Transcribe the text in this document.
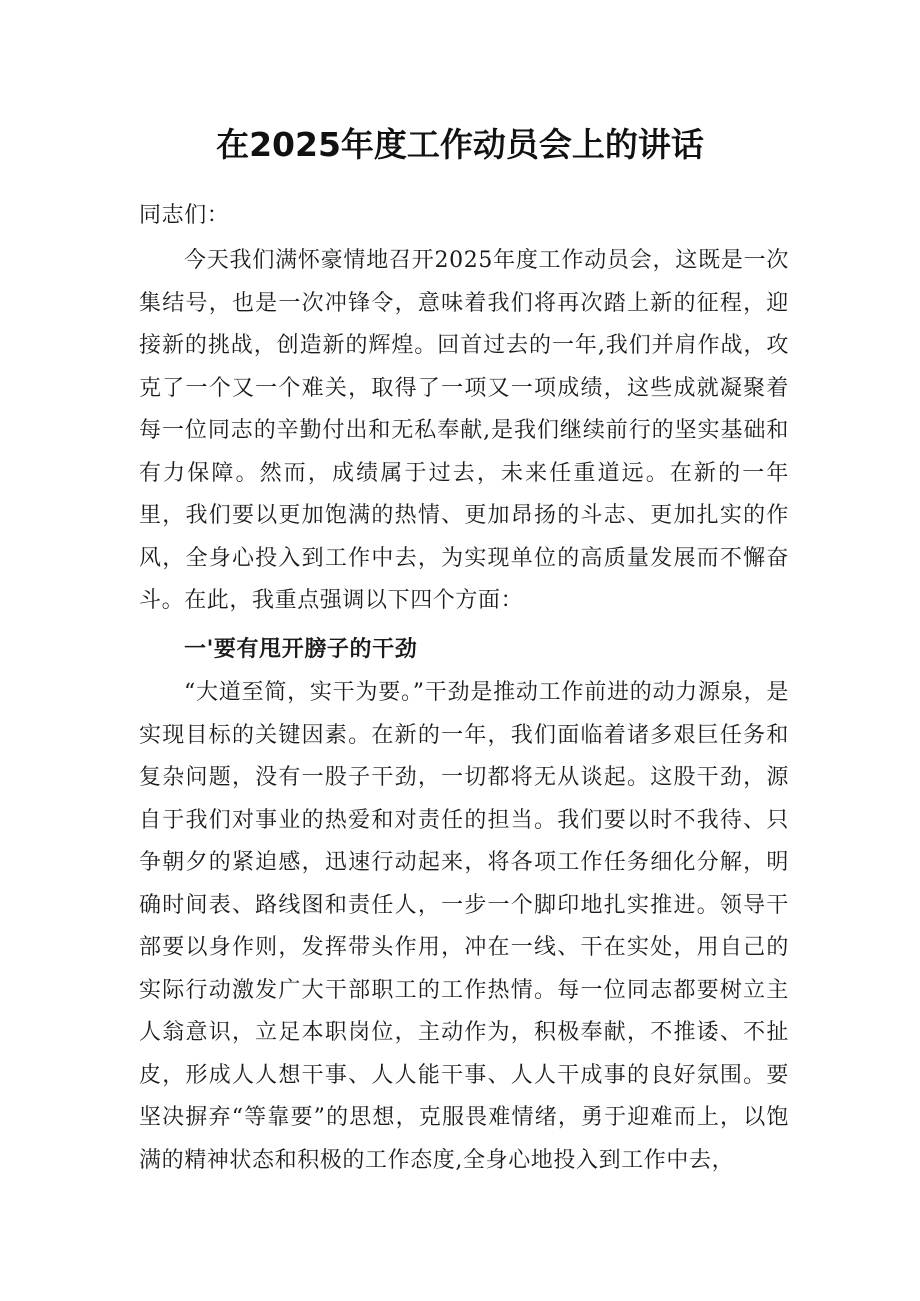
在2025年度工作动员会上的讲话
同志们：
今天我们满怀豪情地召开2025年度工作动员会，这既是一次集结号，也是一次冲锋令，意味着我们将再次踏上新的征程，迎接新的挑战，创造新的辉煌。回首过去的一年,我们并肩作战，攻克了一个又一个难关，取得了一项又一项成绩，这些成就凝聚着每一位同志的辛勤付出和无私奉献,是我们继续前行的坚实基础和有力保障。然而，成绩属于过去，未来任重道远。在新的一年里，我们要以更加饱满的热情、更加昂扬的斗志、更加扎实的作风，全身心投入到工作中去，为实现单位的高质量发展而不懈奋斗。在此，我重点强调以下四个方面：
一'要有甩开膀子的干劲
“大道至简，实干为要。”干劲是推动工作前进的动力源泉，是实现目标的关键因素。在新的一年，我们面临着诸多艰巨任务和复杂问题，没有一股子干劲，一切都将无从谈起。这股干劲，源自于我们对事业的热爱和对责任的担当。我们要以时不我待、只争朝夕的紧迫感，迅速行动起来，将各项工作任务细化分解，明确时间表、路线图和责任人，一步一个脚印地扎实推进。领导干部要以身作则，发挥带头作用，冲在一线、干在实处，用自己的实际行动激发广大干部职工的工作热情。每一位同志都要树立主人翁意识，立足本职岗位，主动作为，积极奉献，不推诿、不扯皮，形成人人想干事、人人能干事、人人干成事的良好氛围。要坚决摒弃“等靠要”的思想，克服畏难情绪，勇于迎难而上，以饱满的精神状态和积极的工作态度,全身心地投入到工作中去，
